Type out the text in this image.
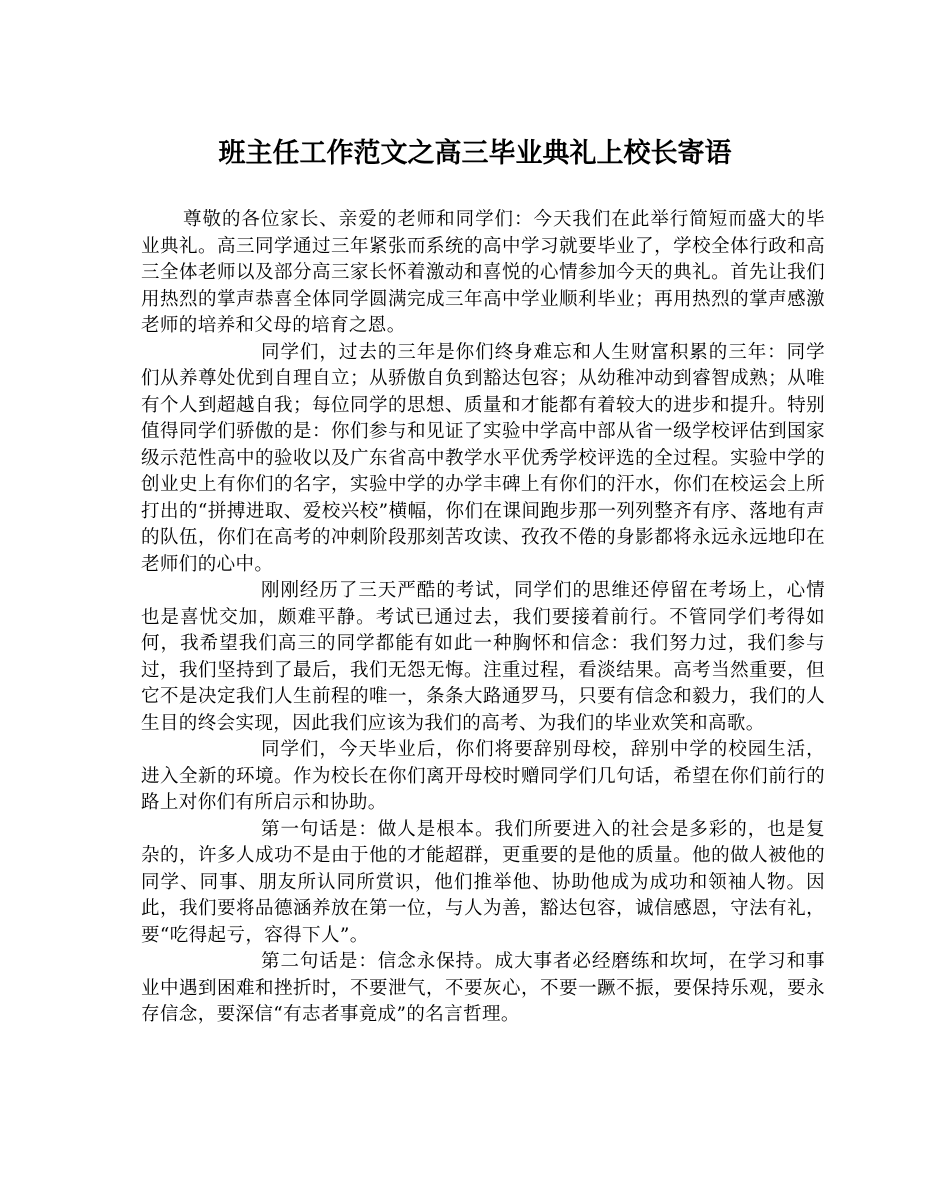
班主任工作范文之高三毕业典礼上校长寄语

尊敬的各位家长、亲爱的老师和同学们：今天我们在此举行简短而盛大的毕业典礼。高三同学通过三年紧张而系统的高中学习就要毕业了，学校全体行政和高三全体老师以及部分高三家长怀着激动和喜悦的心情参加今天的典礼。首先让我们用热烈的掌声恭喜全体同学圆满完成三年高中学业顺利毕业；再用热烈的掌声感激老师的培养和父母的培育之恩。

同学们，过去的三年是你们终身难忘和人生财富积累的三年：同学们从养尊处优到自理自立；从骄傲自负到豁达包容；从幼稚冲动到睿智成熟；从唯有个人到超越自我；每位同学的思想、质量和才能都有着较大的进步和提升。特别值得同学们骄傲的是：你们参与和见证了实验中学高中部从省一级学校评估到国家级示范性高中的验收以及广东省高中教学水平优秀学校评选的全过程。实验中学的创业史上有你们的名字，实验中学的办学丰碑上有你们的汗水，你们在校运会上所打出的“拼搏进取、爱校兴校”横幅，你们在课间跑步那一列列整齐有序、落地有声的队伍，你们在高考的冲刺阶段那刻苦攻读、孜孜不倦的身影都将永远永远地印在老师们的心中。

刚刚经历了三天严酷的考试，同学们的思维还停留在考场上，心情也是喜忧交加，颇难平静。考试已通过去，我们要接着前行。不管同学们考得如何，我希望我们高三的同学都能有如此一种胸怀和信念：我们努力过，我们参与过，我们坚持到了最后，我们无怨无悔。注重过程，看淡结果。高考当然重要，但它不是决定我们人生前程的唯一，条条大路通罗马，只要有信念和毅力，我们的人生目的终会实现，因此我们应该为我们的高考、为我们的毕业欢笑和高歌。

同学们，今天毕业后，你们将要辞别母校，辞别中学的校园生活，进入全新的环境。作为校长在你们离开母校时赠同学们几句话，希望在你们前行的路上对你们有所启示和协助。

第一句话是：做人是根本。我们所要进入的社会是多彩的，也是复杂的，许多人成功不是由于他的才能超群，更重要的是他的质量。他的做人被他的同学、同事、朋友所认同所赏识，他们推举他、协助他成为成功和领袖人物。因此，我们要将品德涵养放在第一位，与人为善，豁达包容，诚信感恩，守法有礼，要“吃得起亏，容得下人”。

第二句话是：信念永保持。成大事者必经磨练和坎坷，在学习和事业中遇到困难和挫折时，不要泄气，不要灰心，不要一蹶不振，要保持乐观，要永存信念，要深信“有志者事竟成”的名言哲理。
